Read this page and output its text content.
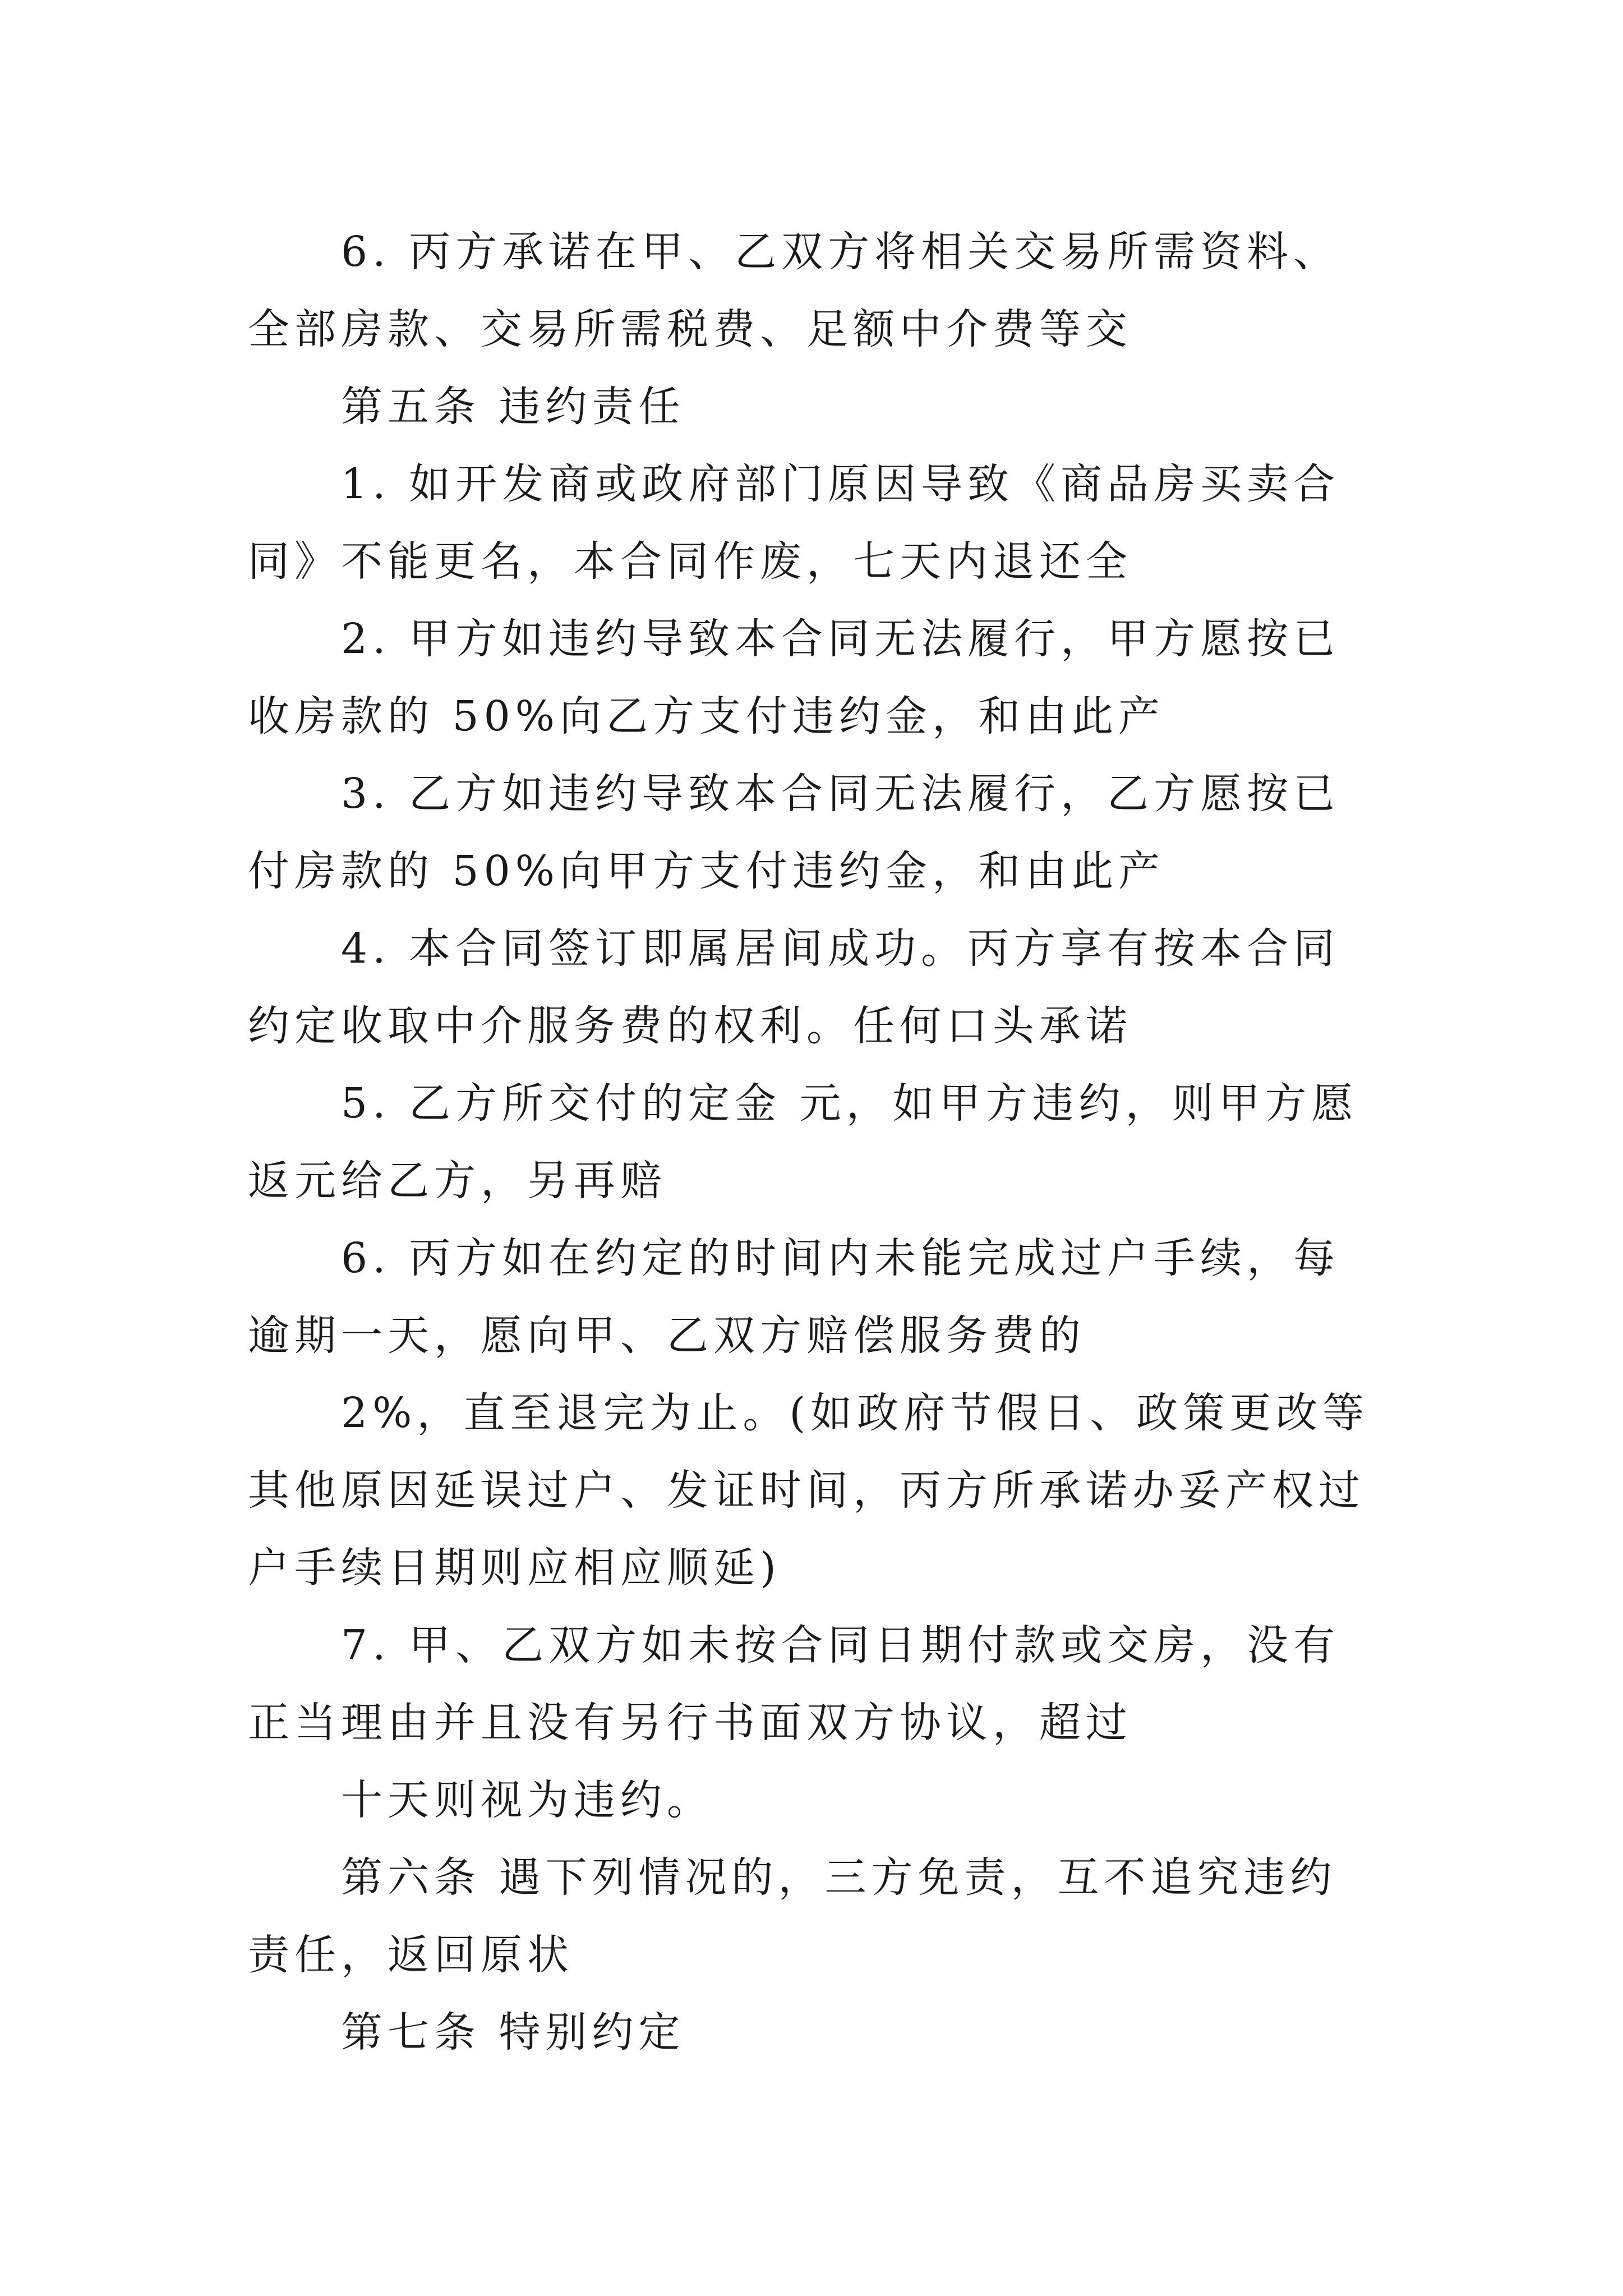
6. 丙方承诺在甲、乙双方将相关交易所需资料、全部房款、交易所需税费、足额中介费等交

第五条 违约责任

1. 如开发商或政府部门原因导致《商品房买卖合同》不能更名，本合同作废，七天内退还全

2. 甲方如违约导致本合同无法履行，甲方愿按已收房款的 50%向乙方支付违约金，和由此产

3. 乙方如违约导致本合同无法履行，乙方愿按已付房款的 50%向甲方支付违约金，和由此产

4. 本合同签订即属居间成功。丙方享有按本合同约定收取中介服务费的权利。任何口头承诺

5. 乙方所交付的定金 元，如甲方违约，则甲方愿返元给乙方，另再赔

6. 丙方如在约定的时间内未能完成过户手续，每逾期一天，愿向甲、乙双方赔偿服务费的

2%，直至退完为止。(如政府节假日、政策更改等其他原因延误过户、发证时间，丙方所承诺办妥产权过户手续日期则应相应顺延)

7. 甲、乙双方如未按合同日期付款或交房，没有正当理由并且没有另行书面双方协议，超过

十天则视为违约。

第六条 遇下列情况的，三方免责，互不追究违约责任，返回原状

第七条 特别约定
